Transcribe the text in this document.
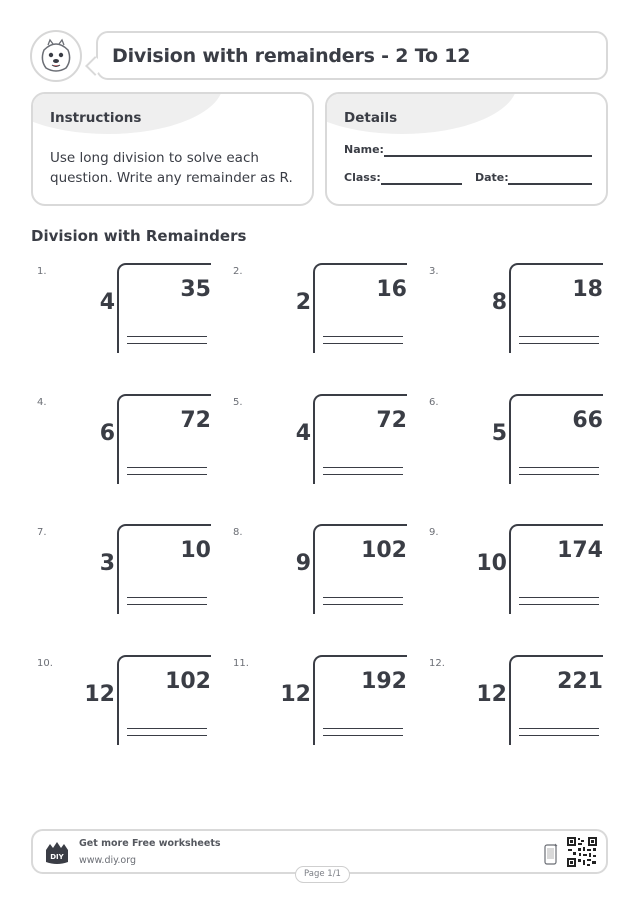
Division with remainders - 2 To 12
Instructions
Use long division to solve each question. Write any remainder as R.
Details
Name:
Class:	Date:
Division with Remainders
1.
4
35
2.
2
16
3.
8
18
4.
6
72
5.
4
72
6.
5
66
7.
3
10
8.
9
102
9.
10
174
10.
12
102
11.
12
192
12.
12
221
DIY
Get more Free worksheets
www.diy.org
Page 1/1
